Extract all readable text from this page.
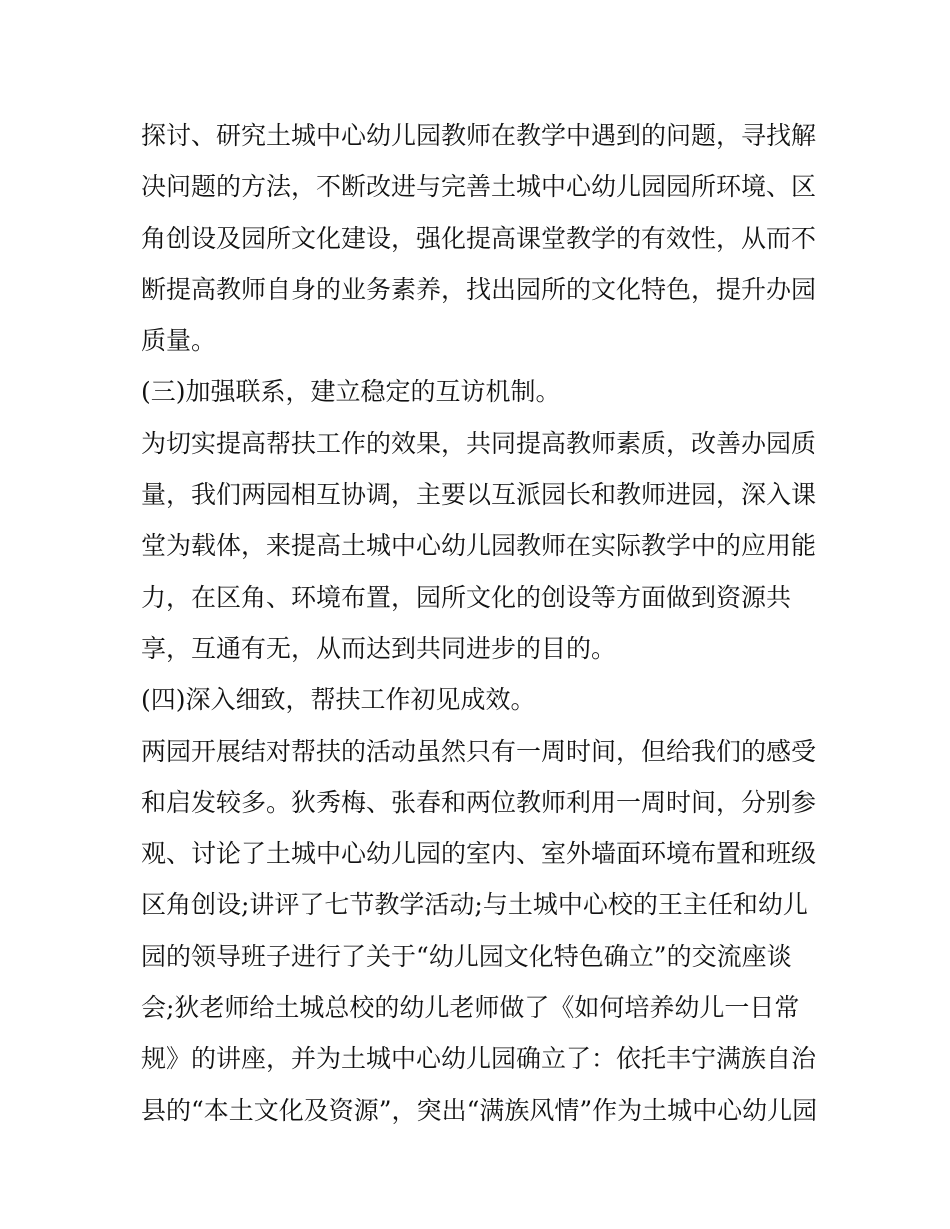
探讨、研究土城中心幼儿园教师在教学中遇到的问题，寻找解
决问题的方法，不断改进与完善土城中心幼儿园园所环境、区
角创设及园所文化建设，强化提高课堂教学的有效性，从而不
断提高教师自身的业务素养，找出园所的文化特色，提升办园
质量。
(三)加强联系，建立稳定的互访机制。
为切实提高帮扶工作的效果，共同提高教师素质，改善办园质
量，我们两园相互协调，主要以互派园长和教师进园，深入课
堂为载体，来提高土城中心幼儿园教师在实际教学中的应用能
力，在区角、环境布置，园所文化的创设等方面做到资源共
享，互通有无，从而达到共同进步的目的。
(四)深入细致，帮扶工作初见成效。
两园开展结对帮扶的活动虽然只有一周时间，但给我们的感受
和启发较多。狄秀梅、张春和两位教师利用一周时间，分别参
观、讨论了土城中心幼儿园的室内、室外墙面环境布置和班级
区角创设;讲评了七节教学活动;与土城中心校的王主任和幼儿
园的领导班子进行了关于“幼儿园文化特色确立”的交流座谈
会;狄老师给土城总校的幼儿老师做了《如何培养幼儿一日常
规》的讲座，并为土城中心幼儿园确立了：依托丰宁满族自治
县的“本土文化及资源”，突出“满族风情”作为土城中心幼儿园
